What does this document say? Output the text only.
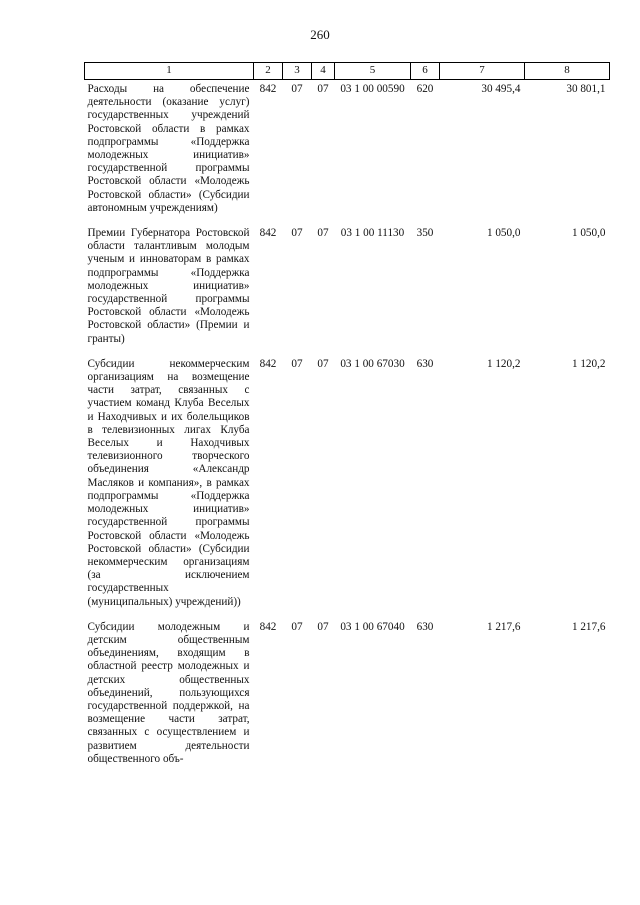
260
1	2	3	4	5	6	7	8
Расходы на обеспечение деятельности (оказание услуг) государственных учреждений Ростовской области в рамках подпрограммы «Поддержка молодежных инициатив» государственной программы Ростовской области «Молодежь Ростовской области» (Субсидии автономным учреждениям)	842	07	07	03 1 00 00590	620	30 495,4	30 801,1
Премии Губернатора Ростовской области талантливым молодым ученым и инноваторам в рамках подпрограммы «Поддержка молодежных инициатив» государственной программы Ростовской области «Молодежь Ростовской области» (Премии и гранты)	842	07	07	03 1 00 11130	350	1 050,0	1 050,0
Субсидии некоммерческим организациям на возмещение части затрат, связанных с участием команд Клуба Веселых и Находчивых и их болельщиков в телевизионных лигах Клуба Веселых и Находчивых телевизионного творческого объединения «Александр Масляков и компания», в рамках подпрограммы «Поддержка молодежных инициатив» государственной программы Ростовской области «Молодежь Ростовской области» (Субсидии некоммерческим организациям (за исключением государственных (муниципальных) учреждений))	842	07	07	03 1 00 67030	630	1 120,2	1 120,2
Субсидии молодежным и детским общественным объединениям, входящим в областной реестр молодежных и детских общественных объединений, пользующихся государственной поддержкой, на возмещение части затрат, связанных с осуществлением и развитием деятельности общественного объ-	842	07	07	03 1 00 67040	630	1 217,6	1 217,6
